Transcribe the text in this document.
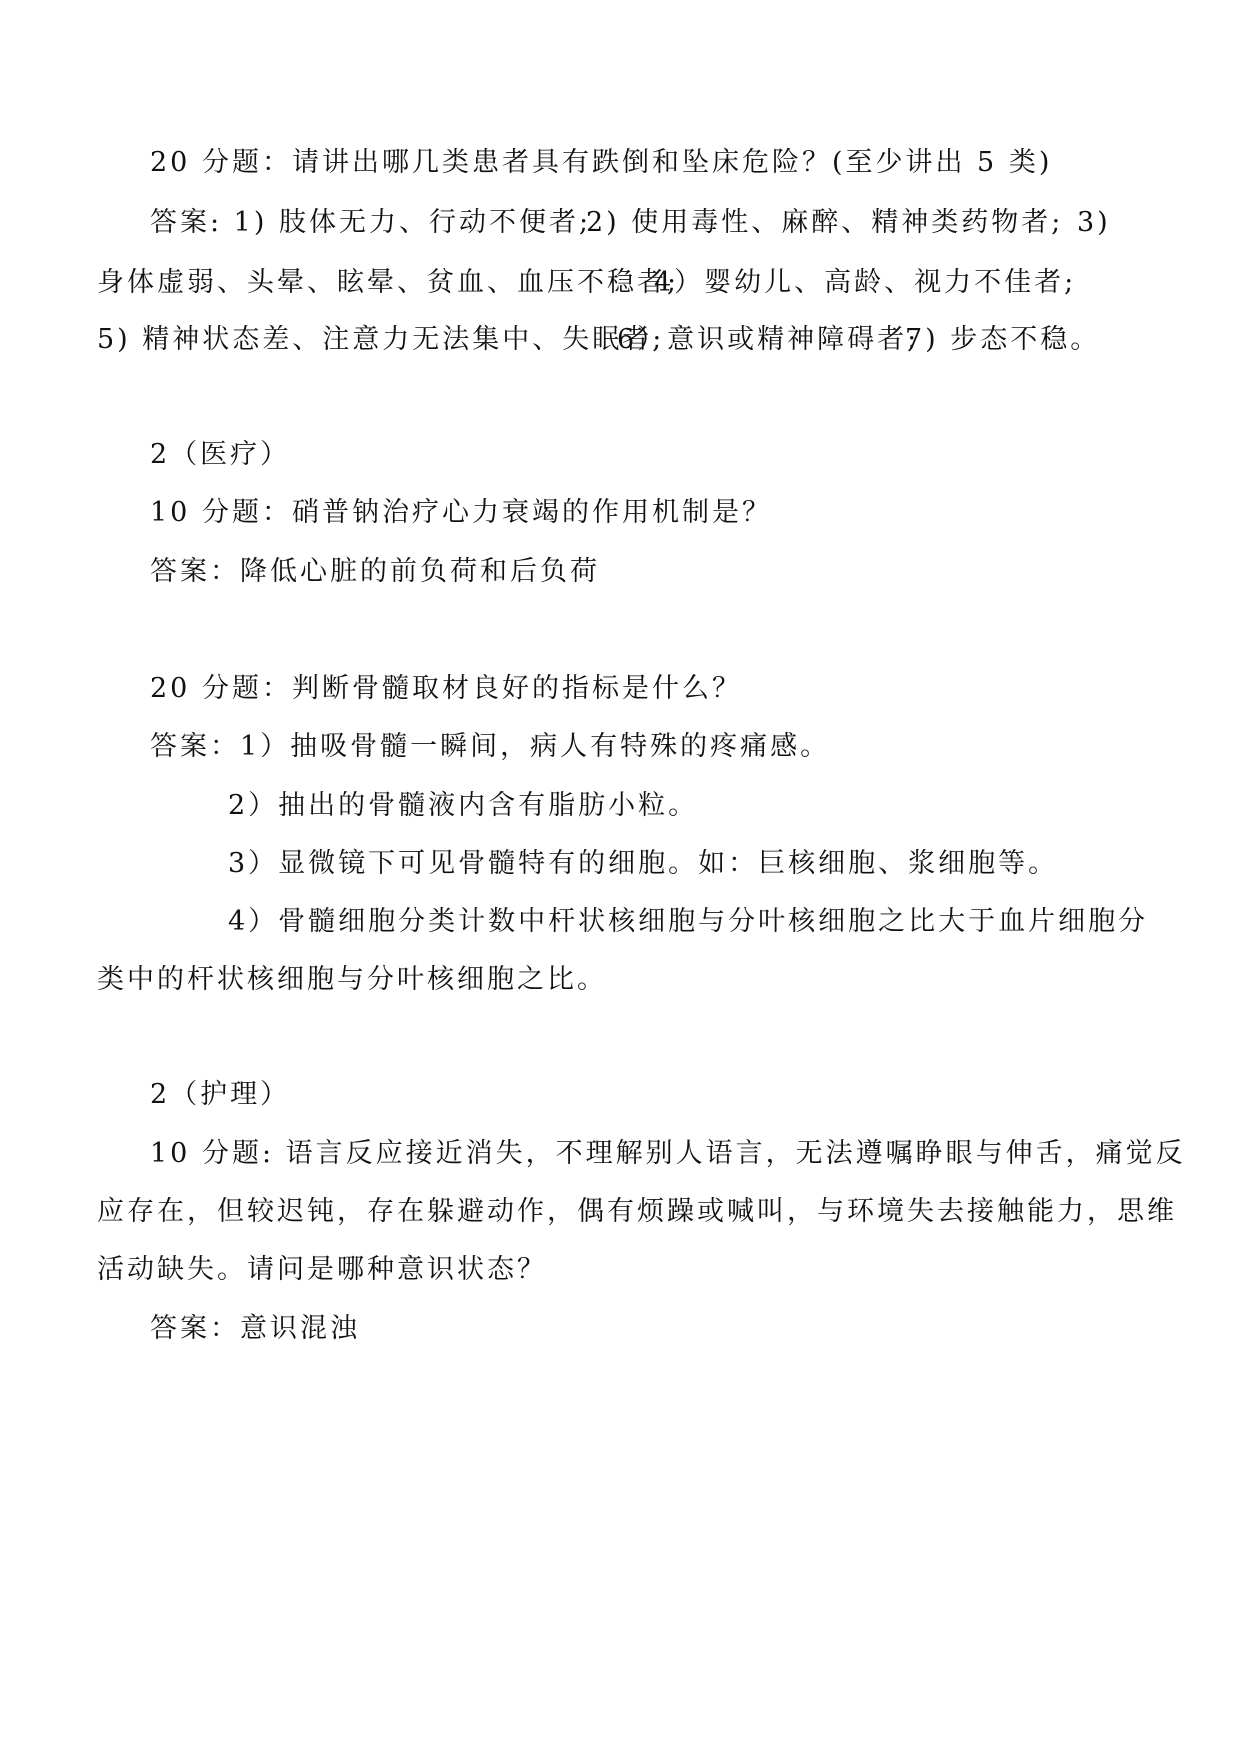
20 分题：请讲出哪几类患者具有跌倒和坠床危险？(至少讲出 5 类)
答案: 1) 肢体无力、行动不便者;
2) 使用毒性、麻醉、精神类药物者; 3)
身体虚弱、头晕、眩晕、贫血、血压不稳者;
4）婴幼儿、高龄、视力不佳者;
5) 精神状态差、注意力无法集中、失眠者;
6）意识或精神障碍者;
7) 步态不稳。
2（医疗）
10 分题：硝普钠治疗心力衰竭的作用机制是？
答案：降低心脏的前负荷和后负荷
20 分题：判断骨髓取材良好的指标是什么？
答案：1）抽吸骨髓一瞬间，病人有特殊的疼痛感。
2）抽出的骨髓液内含有脂肪小粒。
3）显微镜下可见骨髓特有的细胞。如：巨核细胞、浆细胞等。
4）骨髓细胞分类计数中杆状核细胞与分叶核细胞之比大于血片细胞分
类中的杆状核细胞与分叶核细胞之比。
2（护理）
10 分题: 语言反应接近消失，不理解别人语言，无法遵嘱睁眼与伸舌，痛觉反
应存在，但较迟钝，存在躲避动作，偶有烦躁或喊叫，与环境失去接触能力，思维
活动缺失。请问是哪种意识状态？
答案：意识混浊
